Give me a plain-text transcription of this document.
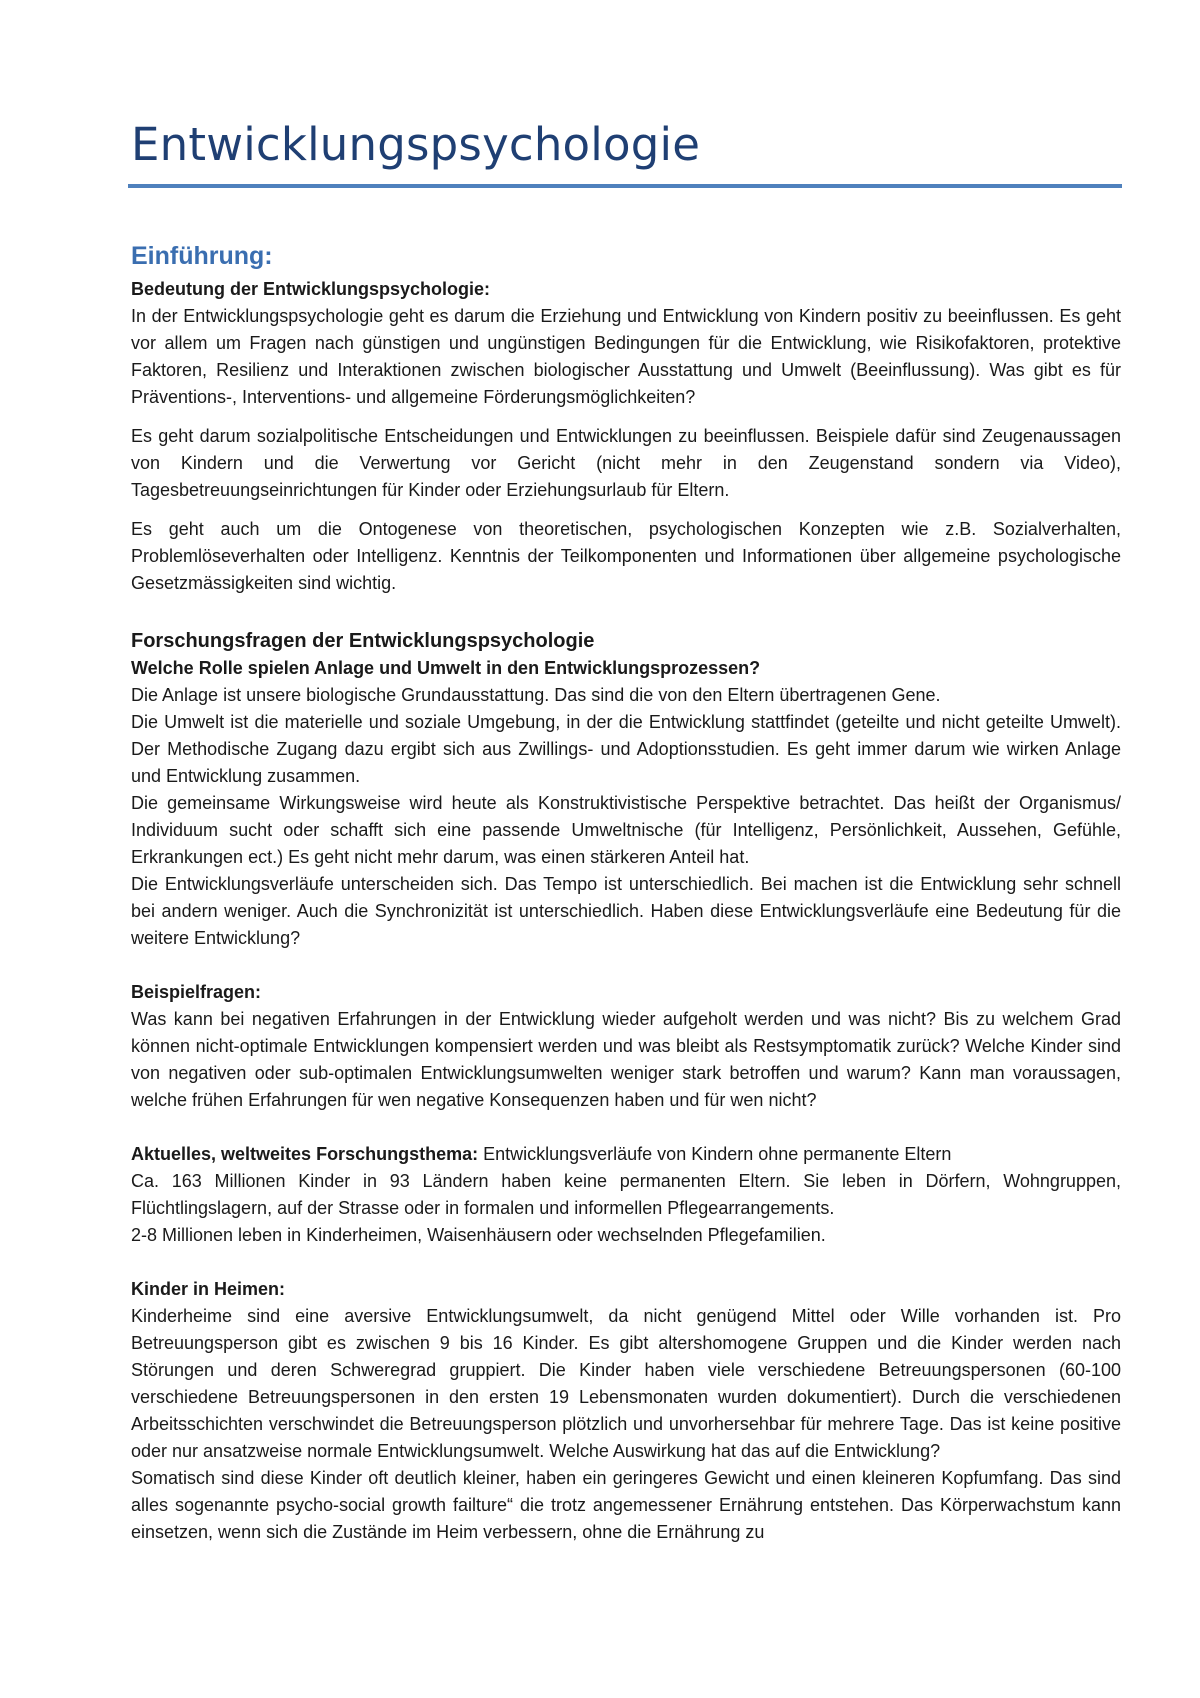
Entwicklungspsychologie
Einführung:

Bedeutung der Entwicklungspsychologie:

In der Entwicklungspsychologie geht es darum die Erziehung und Entwicklung von Kindern positiv zu beeinflussen. Es geht vor allem um Fragen nach günstigen und ungünstigen Bedingungen für die Entwicklung, wie Risikofaktoren, protektive Faktoren, Resilienz und Interaktionen zwischen biologischer Ausstattung und Umwelt (Beeinflussung). Was gibt es für Präventions-, Interventions- und allgemeine Förderungsmöglichkeiten?

Es geht darum sozialpolitische Entscheidungen und Entwicklungen zu beeinflussen. Beispiele dafür sind Zeugenaussagen von Kindern und die Verwertung vor Gericht (nicht mehr in den Zeugenstand sondern via Video), Tagesbetreuungseinrichtungen für Kinder oder Erziehungsurlaub für Eltern.

Es geht auch um die Ontogenese von theoretischen, psychologischen Konzepten wie z.B. Sozialverhalten, Problemlöseverhalten oder Intelligenz. Kenntnis der Teilkomponenten und Informationen über allgemeine psychologische Gesetzmässigkeiten sind wichtig.

Forschungsfragen der Entwicklungspsychologie

Welche Rolle spielen Anlage und Umwelt in den Entwicklungsprozessen?

Die Anlage ist unsere biologische Grundausstattung. Das sind die von den Eltern übertragenen Gene.

Die Umwelt ist die materielle und soziale Umgebung, in der die Entwicklung stattfindet (geteilte und nicht geteilte Umwelt). Der Methodische Zugang dazu ergibt sich aus Zwillings- und Adoptionsstudien. Es geht immer darum wie wirken Anlage und Entwicklung zusammen.

Die gemeinsame Wirkungsweise wird heute als Konstruktivistische Perspektive betrachtet. Das heißt der Organismus/ Individuum sucht oder schafft sich eine passende Umweltnische (für Intelligenz, Persönlichkeit, Aussehen, Gefühle, Erkrankungen ect.) Es geht nicht mehr darum, was einen stärkeren Anteil hat.

Die Entwicklungsverläufe unterscheiden sich. Das Tempo ist unterschiedlich. Bei machen ist die Entwicklung sehr schnell bei andern weniger. Auch die Synchronizität ist unterschiedlich. Haben diese Entwicklungsverläufe eine Bedeutung für die weitere Entwicklung?

Beispielfragen:

Was kann bei negativen Erfahrungen in der Entwicklung wieder aufgeholt werden und was nicht? Bis zu welchem Grad können nicht-optimale Entwicklungen kompensiert werden und was bleibt als Restsymptomatik zurück? Welche Kinder sind von negativen oder sub-optimalen Entwicklungsumwelten weniger stark betroffen und warum? Kann man voraussagen, welche frühen Erfahrungen für wen negative Konsequenzen haben und für wen nicht?

Aktuelles, weltweites Forschungsthema: Entwicklungsverläufe von Kindern ohne permanente Eltern

Ca. 163 Millionen Kinder in 93 Ländern haben keine permanenten Eltern. Sie leben in Dörfern, Wohngruppen, Flüchtlingslagern, auf der Strasse oder in formalen und informellen Pflegearrangements.

2-8 Millionen leben in Kinderheimen, Waisenhäusern oder wechselnden Pflegefamilien.

Kinder in Heimen:

Kinderheime sind eine aversive Entwicklungsumwelt, da nicht genügend Mittel oder Wille vorhanden ist. Pro Betreuungsperson gibt es zwischen 9 bis 16 Kinder. Es gibt altershomogene Gruppen und die Kinder werden nach Störungen und deren Schweregrad gruppiert. Die Kinder haben viele verschiedene Betreuungspersonen (60-100 verschiedene Betreuungspersonen in den ersten 19 Lebensmonaten wurden dokumentiert). Durch die verschiedenen Arbeitsschichten verschwindet die Betreuungsperson plötzlich und unvorhersehbar für mehrere Tage. Das ist keine positive oder nur ansatzweise normale Entwicklungsumwelt. Welche Auswirkung hat das auf die Entwicklung?

Somatisch sind diese Kinder oft deutlich kleiner, haben ein geringeres Gewicht und einen kleineren Kopfumfang. Das sind alles sogenannte psycho-social growth failture“ die trotz angemessener Ernährung entstehen. Das Körperwachstum kann einsetzen, wenn sich die Zustände im Heim verbessern, ohne die Ernährung zu
